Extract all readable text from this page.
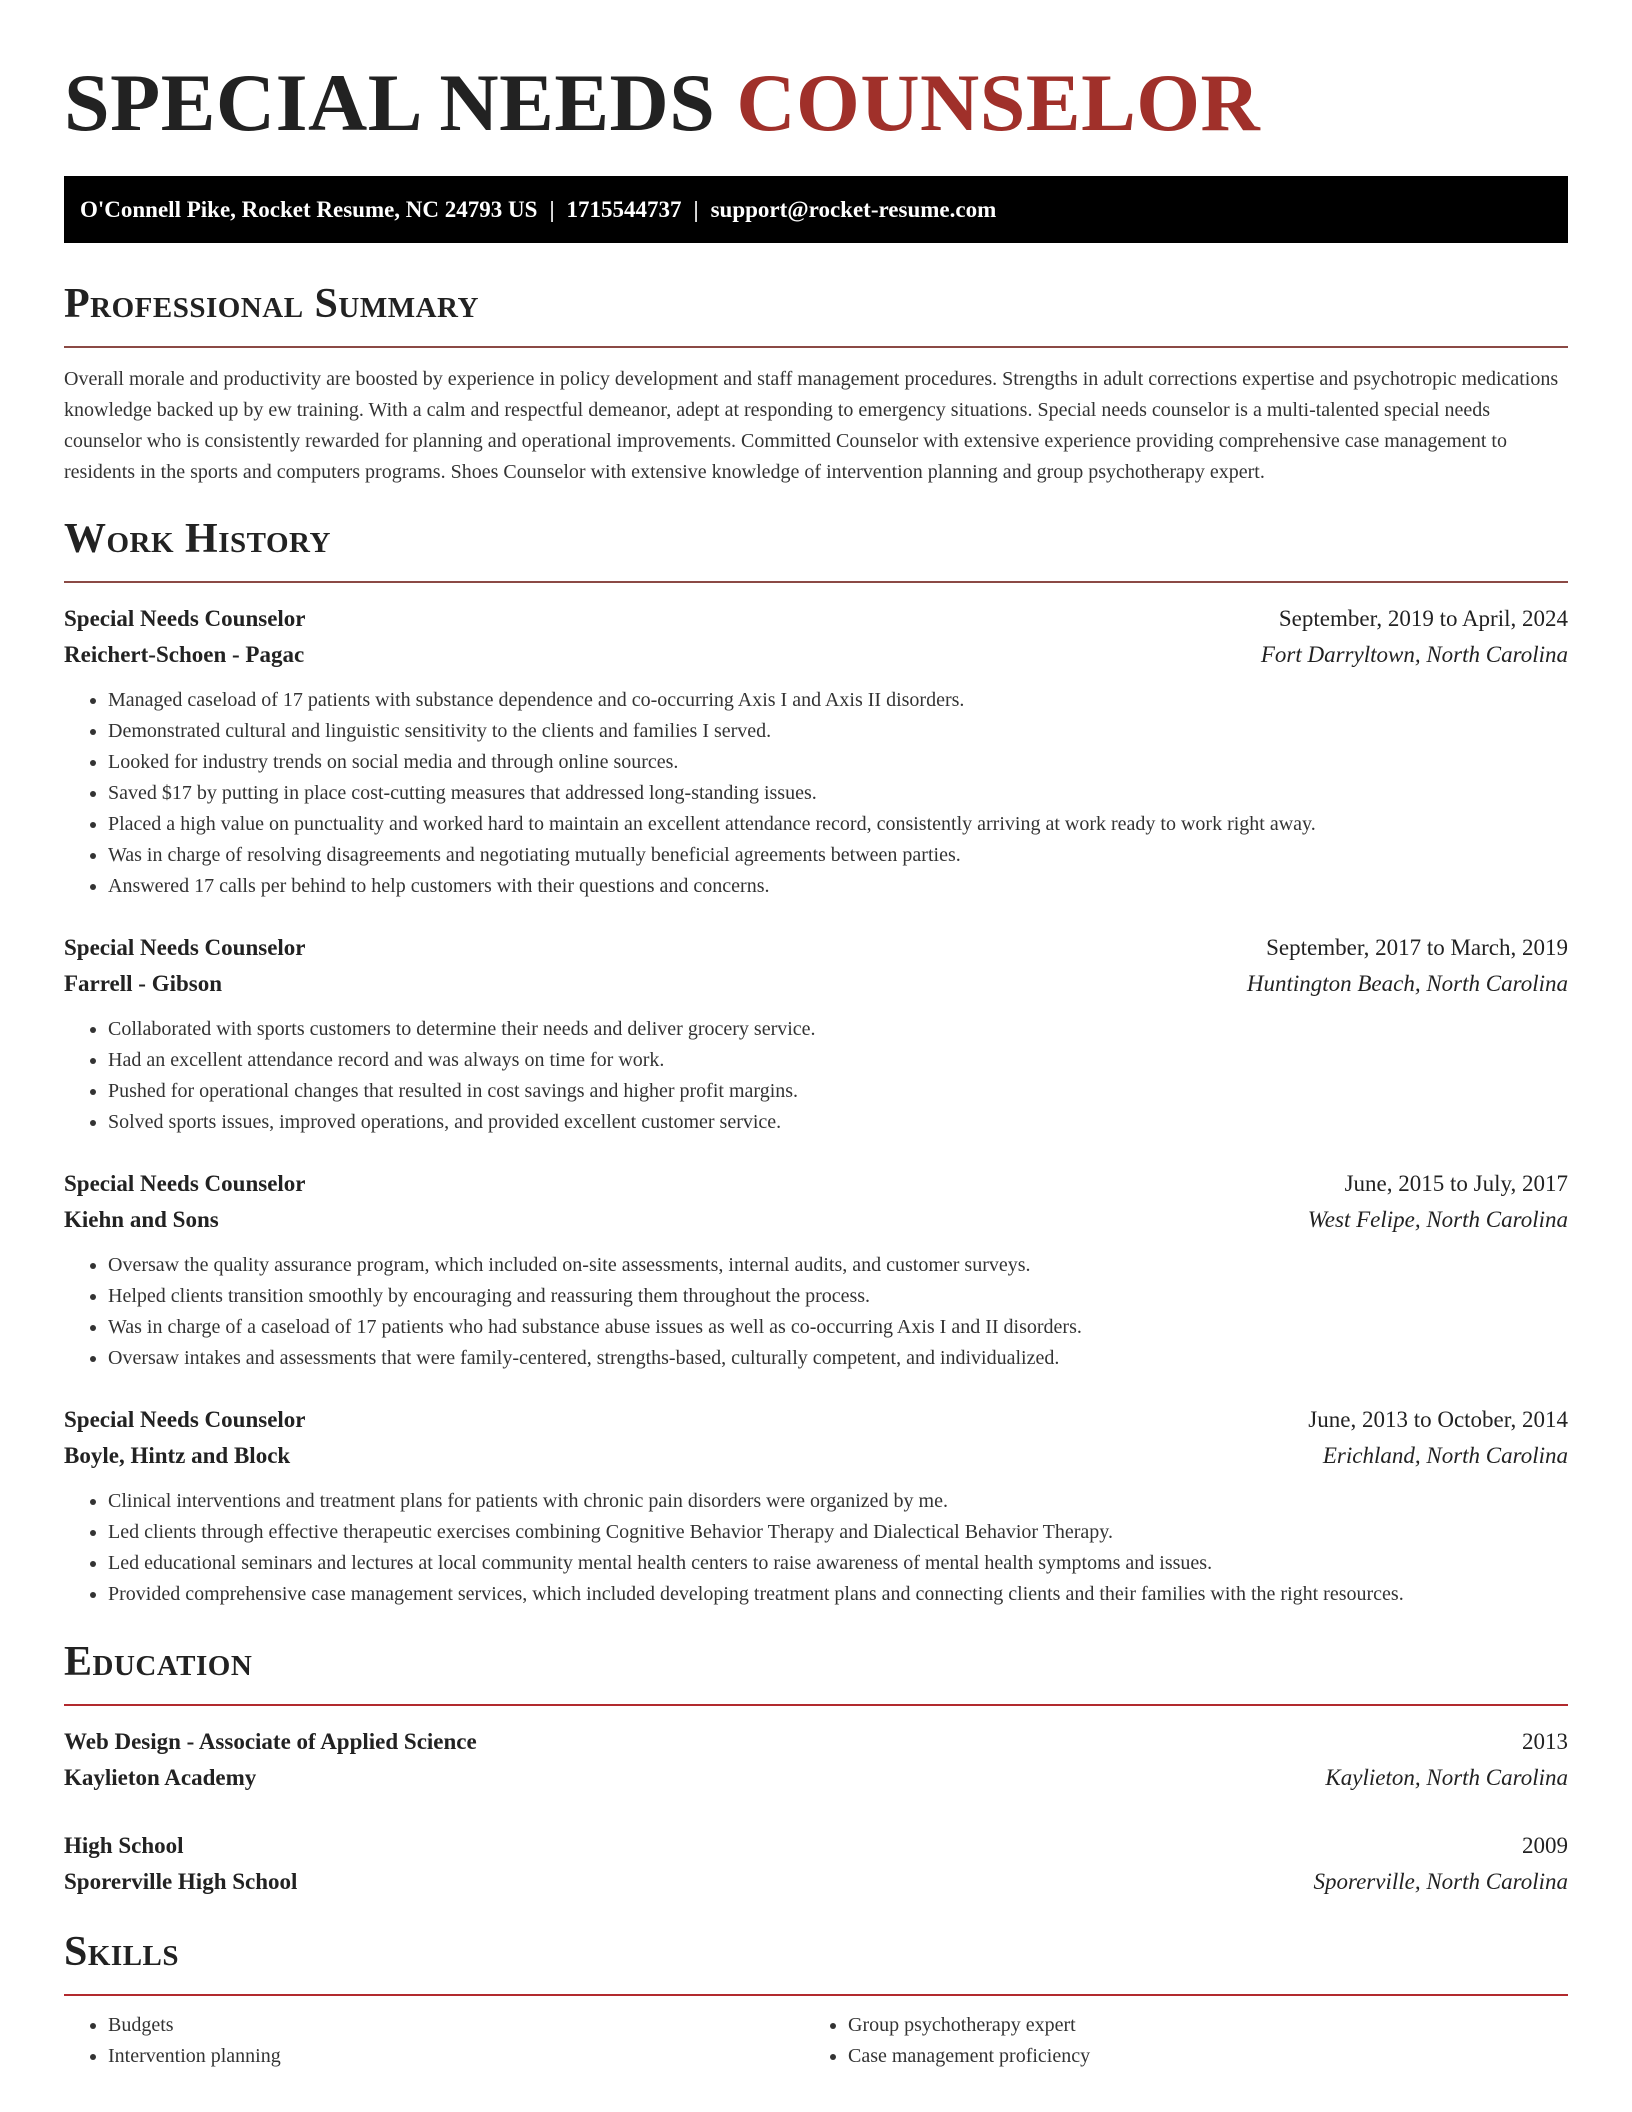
SPECIAL NEEDS COUNSELOR
O'Connell Pike, Rocket Resume, NC 24793 US | 1715544737 | support@rocket-resume.com
Professional Summary
Overall morale and productivity are boosted by experience in policy development and staff management procedures. Strengths in adult corrections expertise and psychotropic medications knowledge backed up by ew training. With a calm and respectful demeanor, adept at responding to emergency situations. Special needs counselor is a multi-talented special needs counselor who is consistently rewarded for planning and operational improvements. Committed Counselor with extensive experience providing comprehensive case management to residents in the sports and computers programs. Shoes Counselor with extensive knowledge of intervention planning and group psychotherapy expert.
Work History
Special Needs Counselor	September, 2019 to April, 2024
Reichert-Schoen - Pagac	Fort Darryltown, North Carolina
• Managed caseload of 17 patients with substance dependence and co-occurring Axis I and Axis II disorders.
• Demonstrated cultural and linguistic sensitivity to the clients and families I served.
• Looked for industry trends on social media and through online sources.
• Saved $17 by putting in place cost-cutting measures that addressed long-standing issues.
• Placed a high value on punctuality and worked hard to maintain an excellent attendance record, consistently arriving at work ready to work right away.
• Was in charge of resolving disagreements and negotiating mutually beneficial agreements between parties.
• Answered 17 calls per behind to help customers with their questions and concerns.
Special Needs Counselor	September, 2017 to March, 2019
Farrell - Gibson	Huntington Beach, North Carolina
• Collaborated with sports customers to determine their needs and deliver grocery service.
• Had an excellent attendance record and was always on time for work.
• Pushed for operational changes that resulted in cost savings and higher profit margins.
• Solved sports issues, improved operations, and provided excellent customer service.
Special Needs Counselor	June, 2015 to July, 2017
Kiehn and Sons	West Felipe, North Carolina
• Oversaw the quality assurance program, which included on-site assessments, internal audits, and customer surveys.
• Helped clients transition smoothly by encouraging and reassuring them throughout the process.
• Was in charge of a caseload of 17 patients who had substance abuse issues as well as co-occurring Axis I and II disorders.
• Oversaw intakes and assessments that were family-centered, strengths-based, culturally competent, and individualized.
Special Needs Counselor	June, 2013 to October, 2014
Boyle, Hintz and Block	Erichland, North Carolina
• Clinical interventions and treatment plans for patients with chronic pain disorders were organized by me.
• Led clients through effective therapeutic exercises combining Cognitive Behavior Therapy and Dialectical Behavior Therapy.
• Led educational seminars and lectures at local community mental health centers to raise awareness of mental health symptoms and issues.
• Provided comprehensive case management services, which included developing treatment plans and connecting clients and their families with the right resources.
Education
Web Design - Associate of Applied Science	2013
Kaylieton Academy	Kaylieton, North Carolina
High School	2009
Sporerville High School	Sporerville, North Carolina
Skills
• Budgets
• Intervention planning
• Group psychotherapy expert
• Case management proficiency
